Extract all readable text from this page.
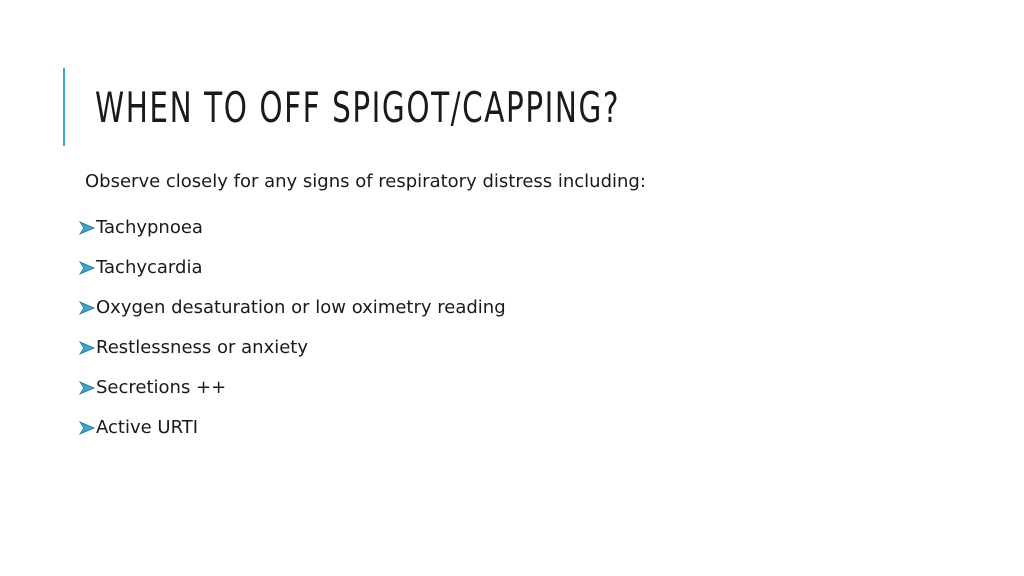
WHEN TO OFF SPIGOT/CAPPING?
Observe closely for any signs of respiratory distress including:
Tachypnoea
Tachycardia
Oxygen desaturation or low oximetry reading
Restlessness or anxiety
Secretions ++
Active URTI
